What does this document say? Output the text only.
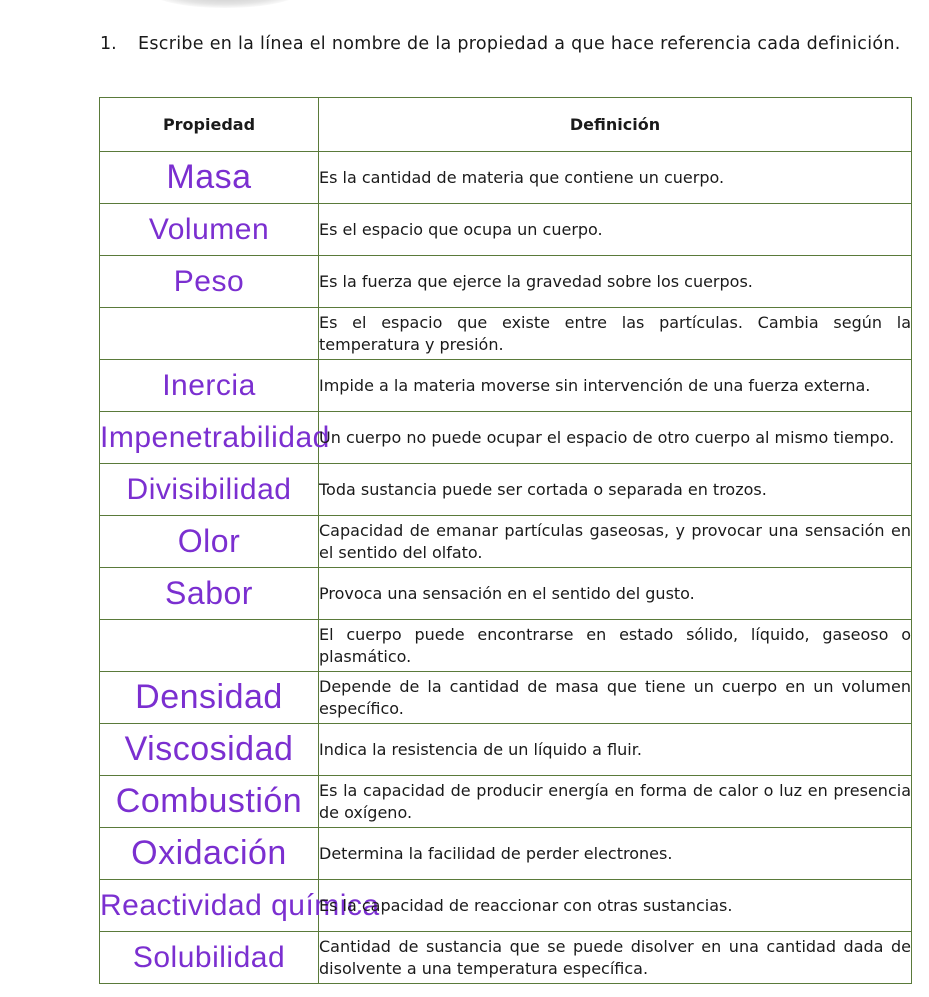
1. Escribe en la línea el nombre de la propiedad a que hace referencia cada definición.
Propiedad	Definición
Masa	Es la cantidad de materia que contiene un cuerpo.
Volumen	Es el espacio que ocupa un cuerpo.
Peso	Es la fuerza que ejerce la gravedad sobre los cuerpos.
	Es el espacio que existe entre las partículas. Cambia según la temperatura y presión.
Inercia	Impide a la materia moverse sin intervención de una fuerza externa.
Impenetrabilidad	Un cuerpo no puede ocupar el espacio de otro cuerpo al mismo tiempo.
Divisibilidad	Toda sustancia puede ser cortada o separada en trozos.
Olor	Capacidad de emanar partículas gaseosas, y provocar una sensación en el sentido del olfato.
Sabor	Provoca una sensación en el sentido del gusto.
	El cuerpo puede encontrarse en estado sólido, líquido, gaseoso o plasmático.
Densidad	Depende de la cantidad de masa que tiene un cuerpo en un volumen específico.
Viscosidad	Indica la resistencia de un líquido a fluir.
Combustión	Es la capacidad de producir energía en forma de calor o luz en presencia de oxígeno.
Oxidación	Determina la facilidad de perder electrones.
Reactividad química	Es la capacidad de reaccionar con otras sustancias.
Solubilidad	Cantidad de sustancia que se puede disolver en una cantidad dada de disolvente a una temperatura específica.
